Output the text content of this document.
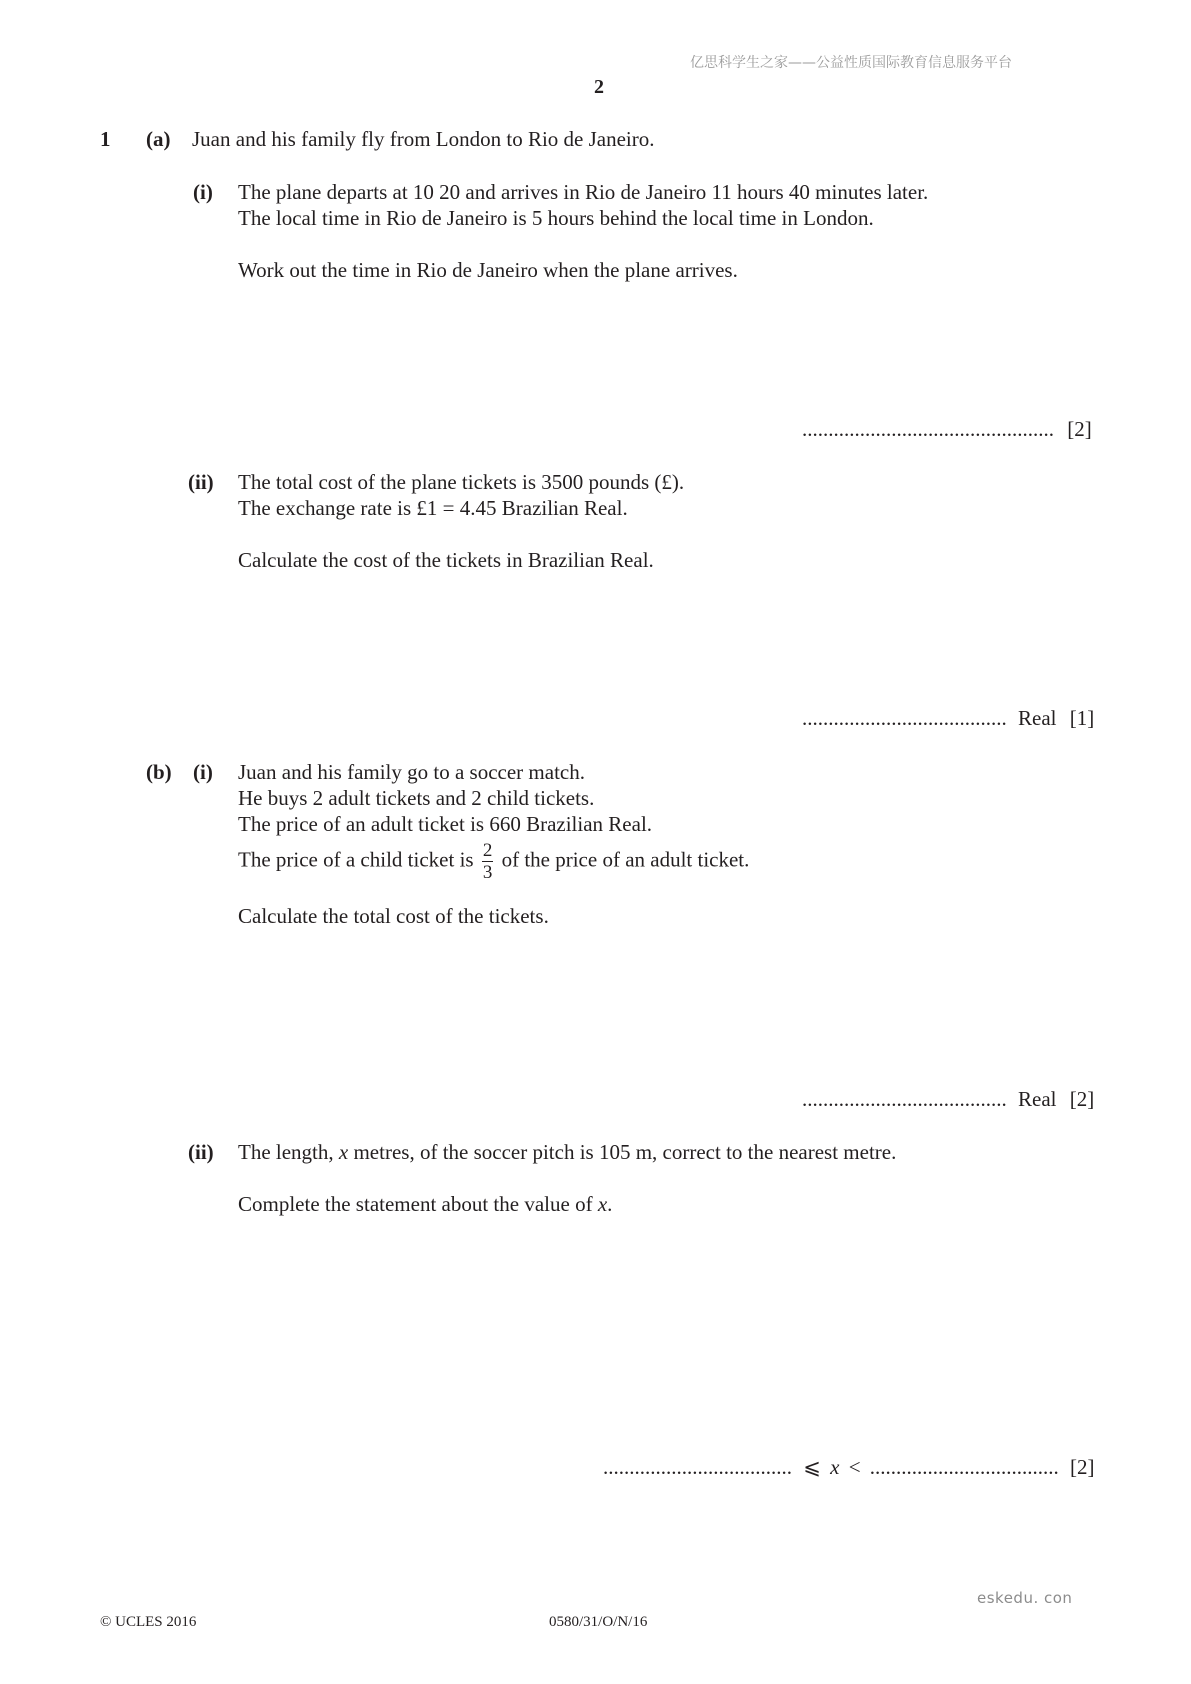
亿思科学生之家——公益性质国际教育信息服务平台
2
1 (a) Juan and his family fly from London to Rio de Janeiro.
(i) The plane departs at 10 20 and arrives in Rio de Janeiro 11 hours 40 minutes later.
The local time in Rio de Janeiro is 5 hours behind the local time in London.
Work out the time in Rio de Janeiro when the plane arrives.
................................................ [2]
(ii) The total cost of the plane tickets is 3500 pounds (£).
The exchange rate is £1 = 4.45 Brazilian Real.
Calculate the cost of the tickets in Brazilian Real.
....................................... Real [1]
(b) (i) Juan and his family go to a soccer match.
He buys 2 adult tickets and 2 child tickets.
The price of an adult ticket is 660 Brazilian Real.
The price of a child ticket is $\frac{2}{3}$ of the price of an adult ticket.
Calculate the total cost of the tickets.
....................................... Real [2]
(ii) The length, x metres, of the soccer pitch is 105 m, correct to the nearest metre.
Complete the statement about the value of x.
.................................... ⩽ x < .................................... [2]
eskedu. con
© UCLES 2016	0580/31/O/N/16
